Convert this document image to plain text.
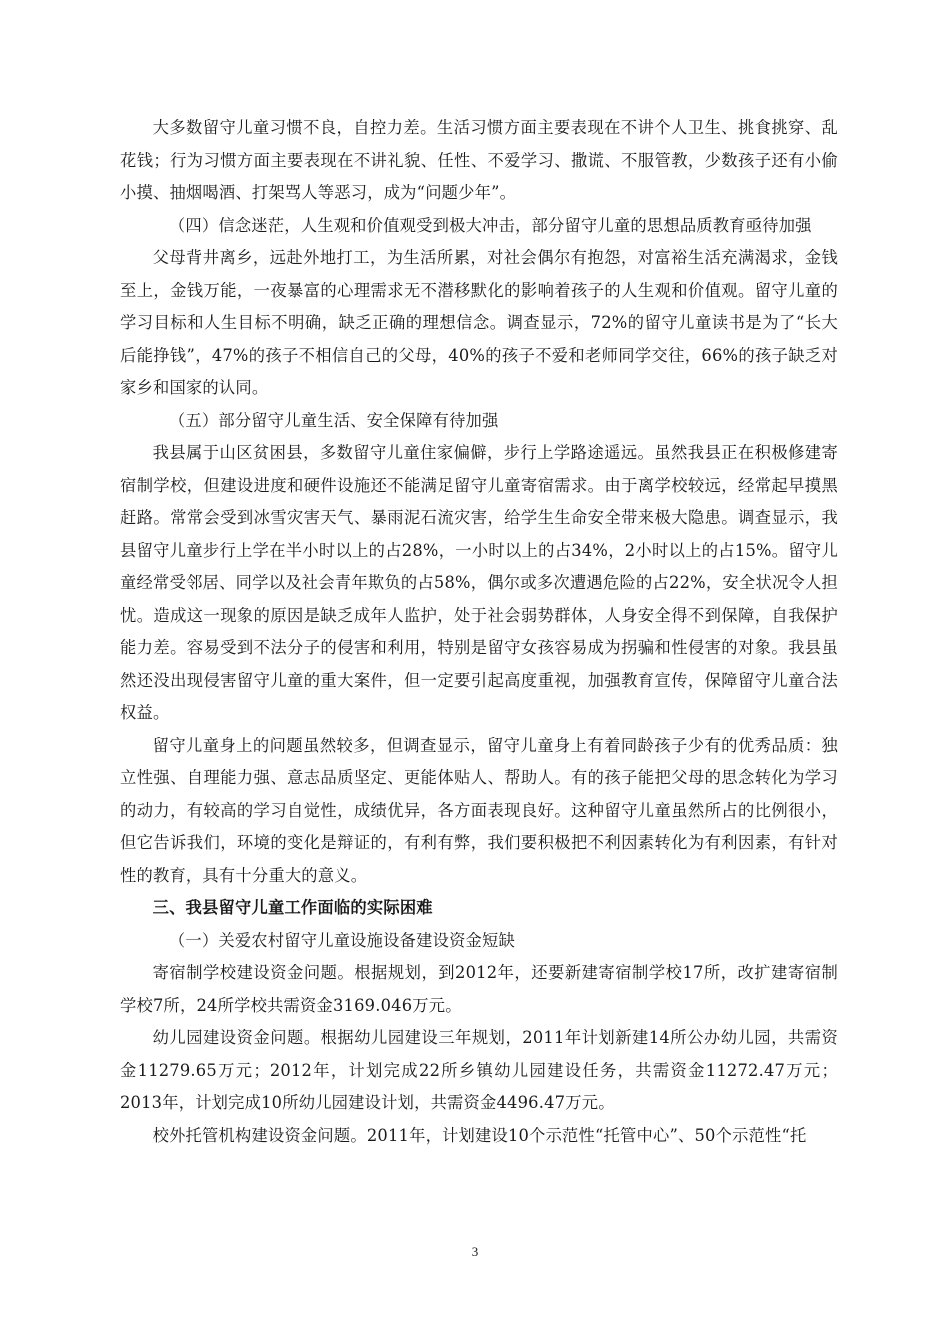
大多数留守儿童习惯不良，自控力差。生活习惯方面主要表现在不讲个人卫生、挑食挑穿、乱花钱；行为习惯方面主要表现在不讲礼貌、任性、不爱学习、撒谎、不服管教，少数孩子还有小偷小摸、抽烟喝酒、打架骂人等恶习，成为“问题少年”。

（四）信念迷茫，人生观和价值观受到极大冲击，部分留守儿童的思想品质教育亟待加强

父母背井离乡，远赴外地打工，为生活所累，对社会偶尔有抱怨，对富裕生活充满渴求，金钱至上，金钱万能，一夜暴富的心理需求无不潜移默化的影响着孩子的人生观和价值观。留守儿童的学习目标和人生目标不明确，缺乏正确的理想信念。调查显示，72%的留守儿童读书是为了“长大后能挣钱”，47%的孩子不相信自己的父母，40%的孩子不爱和老师同学交往，66%的孩子缺乏对家乡和国家的认同。

（五）部分留守儿童生活、安全保障有待加强

我县属于山区贫困县，多数留守儿童住家偏僻，步行上学路途遥远。虽然我县正在积极修建寄宿制学校，但建设进度和硬件设施还不能满足留守儿童寄宿需求。由于离学校较远，经常起早摸黑赶路。常常会受到冰雪灾害天气、暴雨泥石流灾害，给学生生命安全带来极大隐患。调查显示，我县留守儿童步行上学在半小时以上的占28%，一小时以上的占34%，2小时以上的占15%。留守儿童经常受邻居、同学以及社会青年欺负的占58%，偶尔或多次遭遇危险的占22%，安全状况令人担忧。造成这一现象的原因是缺乏成年人监护，处于社会弱势群体，人身安全得不到保障，自我保护能力差。容易受到不法分子的侵害和利用，特别是留守女孩容易成为拐骗和性侵害的对象。我县虽然还没出现侵害留守儿童的重大案件，但一定要引起高度重视，加强教育宣传，保障留守儿童合法权益。

留守儿童身上的问题虽然较多，但调查显示，留守儿童身上有着同龄孩子少有的优秀品质：独立性强、自理能力强、意志品质坚定、更能体贴人、帮助人。有的孩子能把父母的思念转化为学习的动力，有较高的学习自觉性，成绩优异，各方面表现良好。这种留守儿童虽然所占的比例很小，但它告诉我们，环境的变化是辩证的，有利有弊，我们要积极把不利因素转化为有利因素，有针对性的教育，具有十分重大的意义。

三、我县留守儿童工作面临的实际困难

（一）关爱农村留守儿童设施设备建设资金短缺

寄宿制学校建设资金问题。根据规划，到2012年，还要新建寄宿制学校17所，改扩建寄宿制学校7所，24所学校共需资金3169.046万元。

幼儿园建设资金问题。根据幼儿园建设三年规划，2011年计划新建14所公办幼儿园，共需资金11279.65万元；2012年，计划完成22所乡镇幼儿园建设任务，共需资金11272.47万元；2013年，计划完成10所幼儿园建设计划，共需资金4496.47万元。

校外托管机构建设资金问题。2011年，计划建设10个示范性“托管中心”、50个示范性“托

3
